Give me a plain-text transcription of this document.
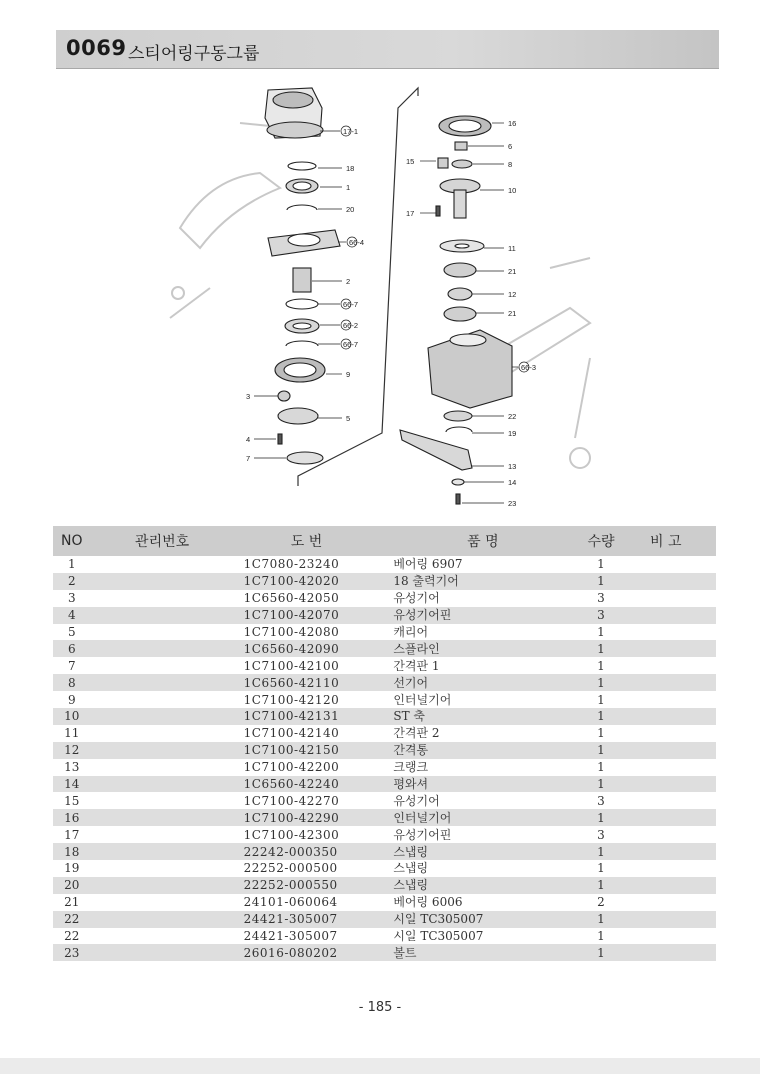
0069 스티어링구동그룹
17-1
18
1
20
66-4
2
66-7
66-2
66-7
9
3
5
4
7
16
6
15	8
10
17
11
21
12
21
66-3
22
19
13
14
23
NO	관리번호	도 번	품 명	수량	비 고
1		1C7080-23240	베어링 6907	1	
2		1C7100-42020	18 출력기어	1	
3		1C6560-42050	유성기어	3	
4		1C7100-42070	유성기어핀	3	
5		1C7100-42080	캐리어	1	
6		1C6560-42090	스플라인	1	
7		1C7100-42100	간격판 1	1	
8		1C6560-42110	선기어	1	
9		1C7100-42120	인터널기어	1	
10		1C7100-42131	ST 축	1	
11		1C7100-42140	간격판 2	1	
12		1C7100-42150	간격통	1	
13		1C7100-42200	크랭크	1	
14		1C6560-42240	평와셔	1	
15		1C7100-42270	유성기어	3	
16		1C7100-42290	인터널기어	1	
17		1C7100-42300	유성기어핀	3	
18		22242-000350	스냅링	1	
19		22252-000500	스냅링	1	
20		22252-000550	스냅링	1	
21		24101-060064	베어링 6006	2	
22		24421-305007	시일 TC305007	1	
22		24421-305007	시일 TC305007	1	
23		26016-080202	볼트	1	
- 185 -
